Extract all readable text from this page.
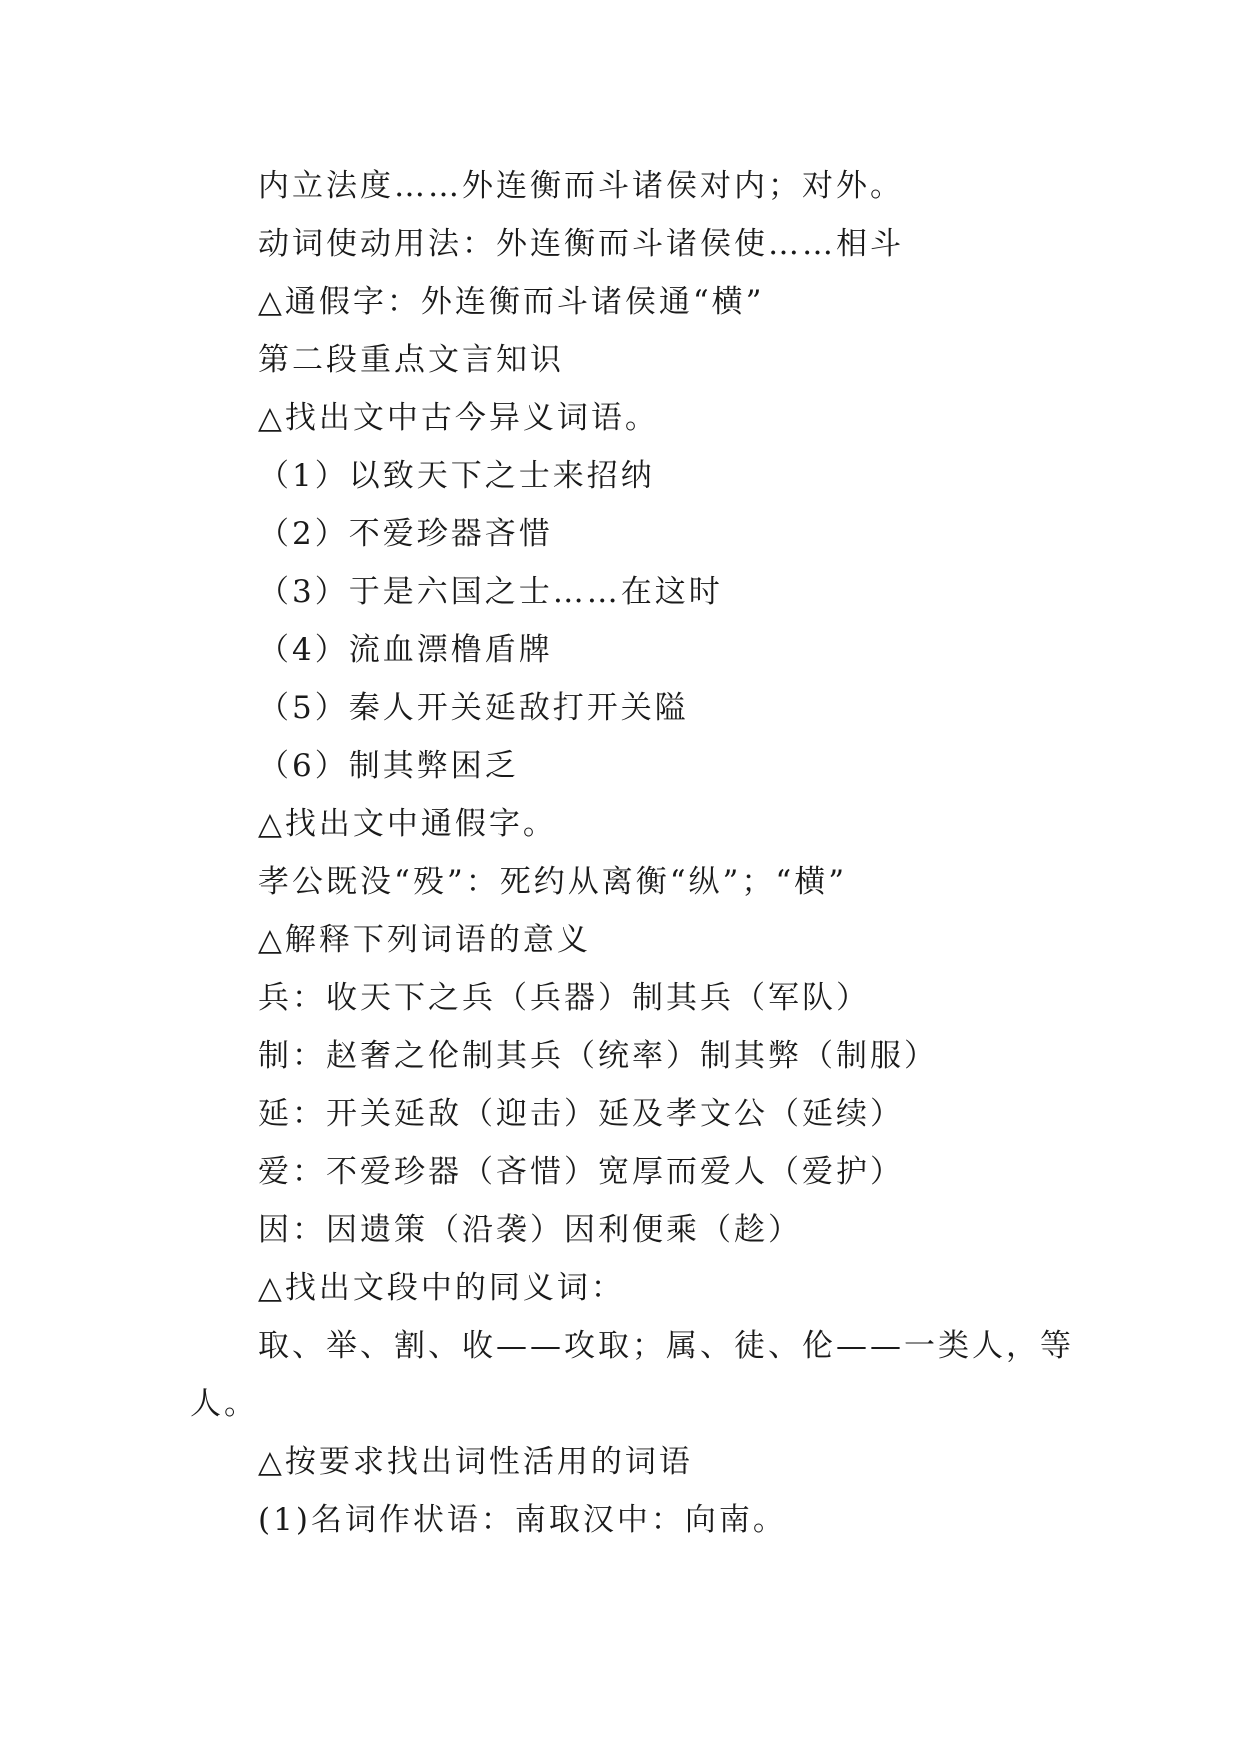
内立法度……外连衡而斗诸侯对内；对外。
动词使动用法：外连衡而斗诸侯使……相斗
△通假字：外连衡而斗诸侯通“横”
第二段重点文言知识
△找出文中古今异义词语。
（1）以致天下之士来招纳
（2）不爱珍器吝惜
（3）于是六国之士……在这时
（4）流血漂橹盾牌
（5）秦人开关延敌打开关隘
（6）制其弊困乏
△找出文中通假字。
孝公既没“殁”：死约从离衡“纵”；“横”
△解释下列词语的意义
兵：收天下之兵（兵器）制其兵（军队）
制：赵奢之伦制其兵（统率）制其弊（制服）
延：开关延敌（迎击）延及孝文公（延续）
爱：不爱珍器（吝惜）宽厚而爱人（爱护）
因：因遗策（沿袭）因利便乘（趁）
△找出文段中的同义词：
取、举、割、收——攻取；属、徒、伦——一类人，等
人。
△按要求找出词性活用的词语
(1)名词作状语：南取汉中：向南。
